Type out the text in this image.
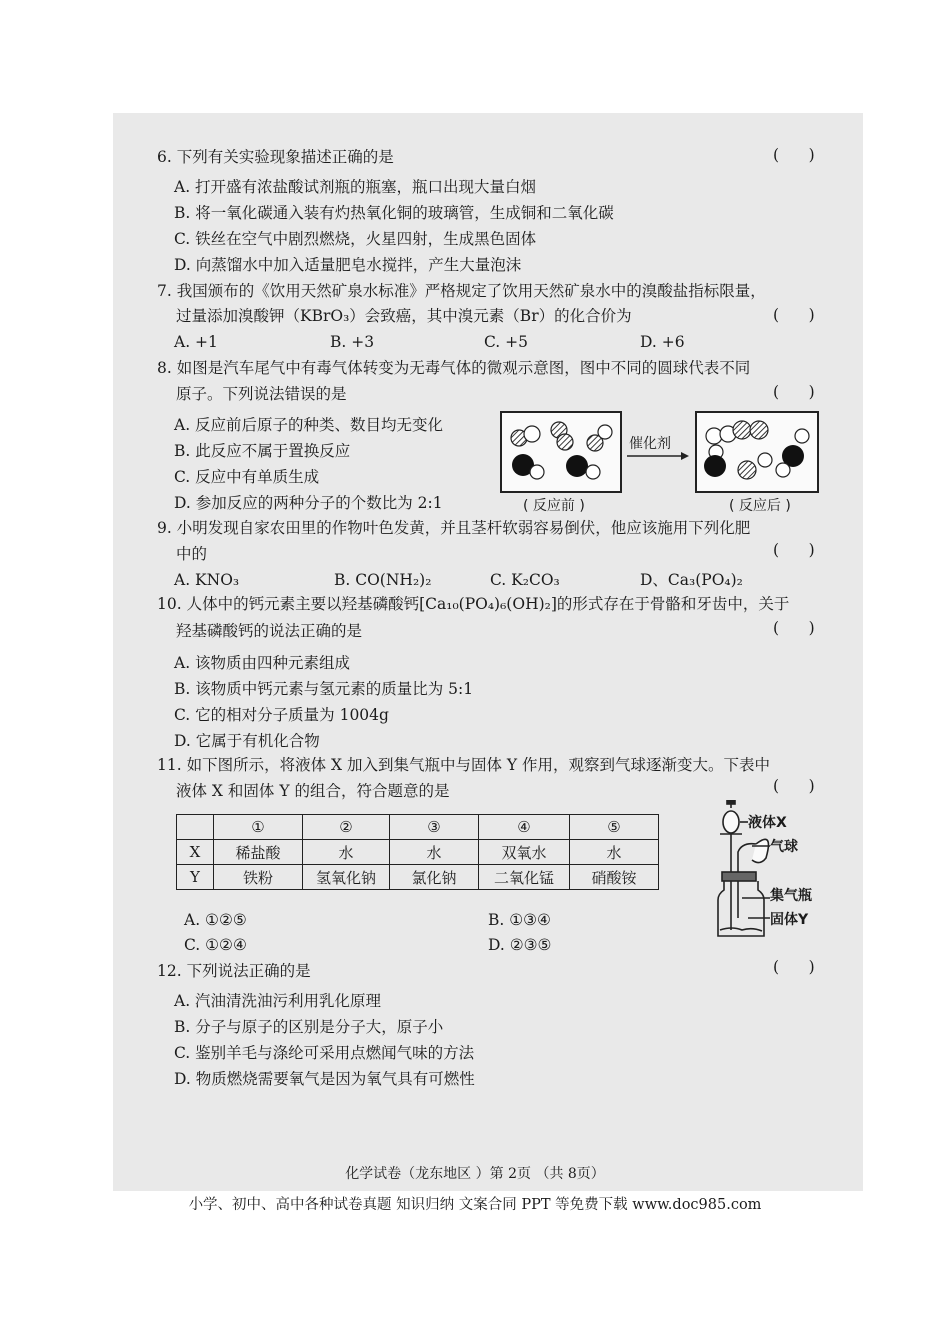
6. 下列有关实验现象描述正确的是	(      )
A. 打开盛有浓盐酸试剂瓶的瓶塞，瓶口出现大量白烟
B. 将一氧化碳通入装有灼热氧化铜的玻璃管，生成铜和二氧化碳
C. 铁丝在空气中剧烈燃烧，火星四射，生成黑色固体
D. 向蒸馏水中加入适量肥皂水搅拌，产生大量泡沫
7. 我国颁布的《饮用天然矿泉水标准》严格规定了饮用天然矿泉水中的溴酸盐指标限量，
过量添加溴酸钾（KBrO₃）会致癌，其中溴元素（Br）的化合价为	(      )
A. +1	B. +3	C. +5	D. +6
8. 如图是汽车尾气中有毒气体转变为无毒气体的微观示意图，图中不同的圆球代表不同
原子。下列说法错误的是	(      )
A. 反应前后原子的种类、数目均无变化
B. 此反应不属于置换反应
C. 反应中有单质生成
D. 参加反应的两种分子的个数比为 2:1
催化剂
( 反应前 )	( 反应后 )
9. 小明发现自家农田里的作物叶色发黄，并且茎杆软弱容易倒伏，他应该施用下列化肥
中的	(      )
A. KNO₃	B. CO(NH₂)₂	C. K₂CO₃	D、Ca₃(PO₄)₂
10. 人体中的钙元素主要以羟基磷酸钙[Ca₁₀(PO₄)₆(OH)₂]的形式存在于骨骼和牙齿中，关于
羟基磷酸钙的说法正确的是	(      )
A. 该物质由四种元素组成
B. 该物质中钙元素与氢元素的质量比为 5:1
C. 它的相对分子质量为 1004g
D. 它属于有机化合物
11. 如下图所示，将液体 X 加入到集气瓶中与固体 Y 作用，观察到气球逐渐变大。下表中
液体 X 和固体 Y 的组合，符合题意的是	(      )
	①	②	③	④	⑤
X	稀盐酸	水	水	双氧水	水
Y	铁粉	氢氧化钠	氯化钠	二氧化锰	硝酸铵
A. ①②⑤	B. ①③④
C. ①②④	D. ②③⑤
液体X
气球
集气瓶
固体Y
12. 下列说法正确的是	(      )
A. 汽油清洗油污利用乳化原理
B. 分子与原子的区别是分子大，原子小
C. 鉴别羊毛与涤纶可采用点燃闻气味的方法
D. 物质燃烧需要氧气是因为氧气具有可燃性
化学试卷（龙东地区 ）第 2页 （共 8页）
小学、初中、高中各种试卷真题 知识归纳 文案合同 PPT 等免费下载 www.doc985.com
